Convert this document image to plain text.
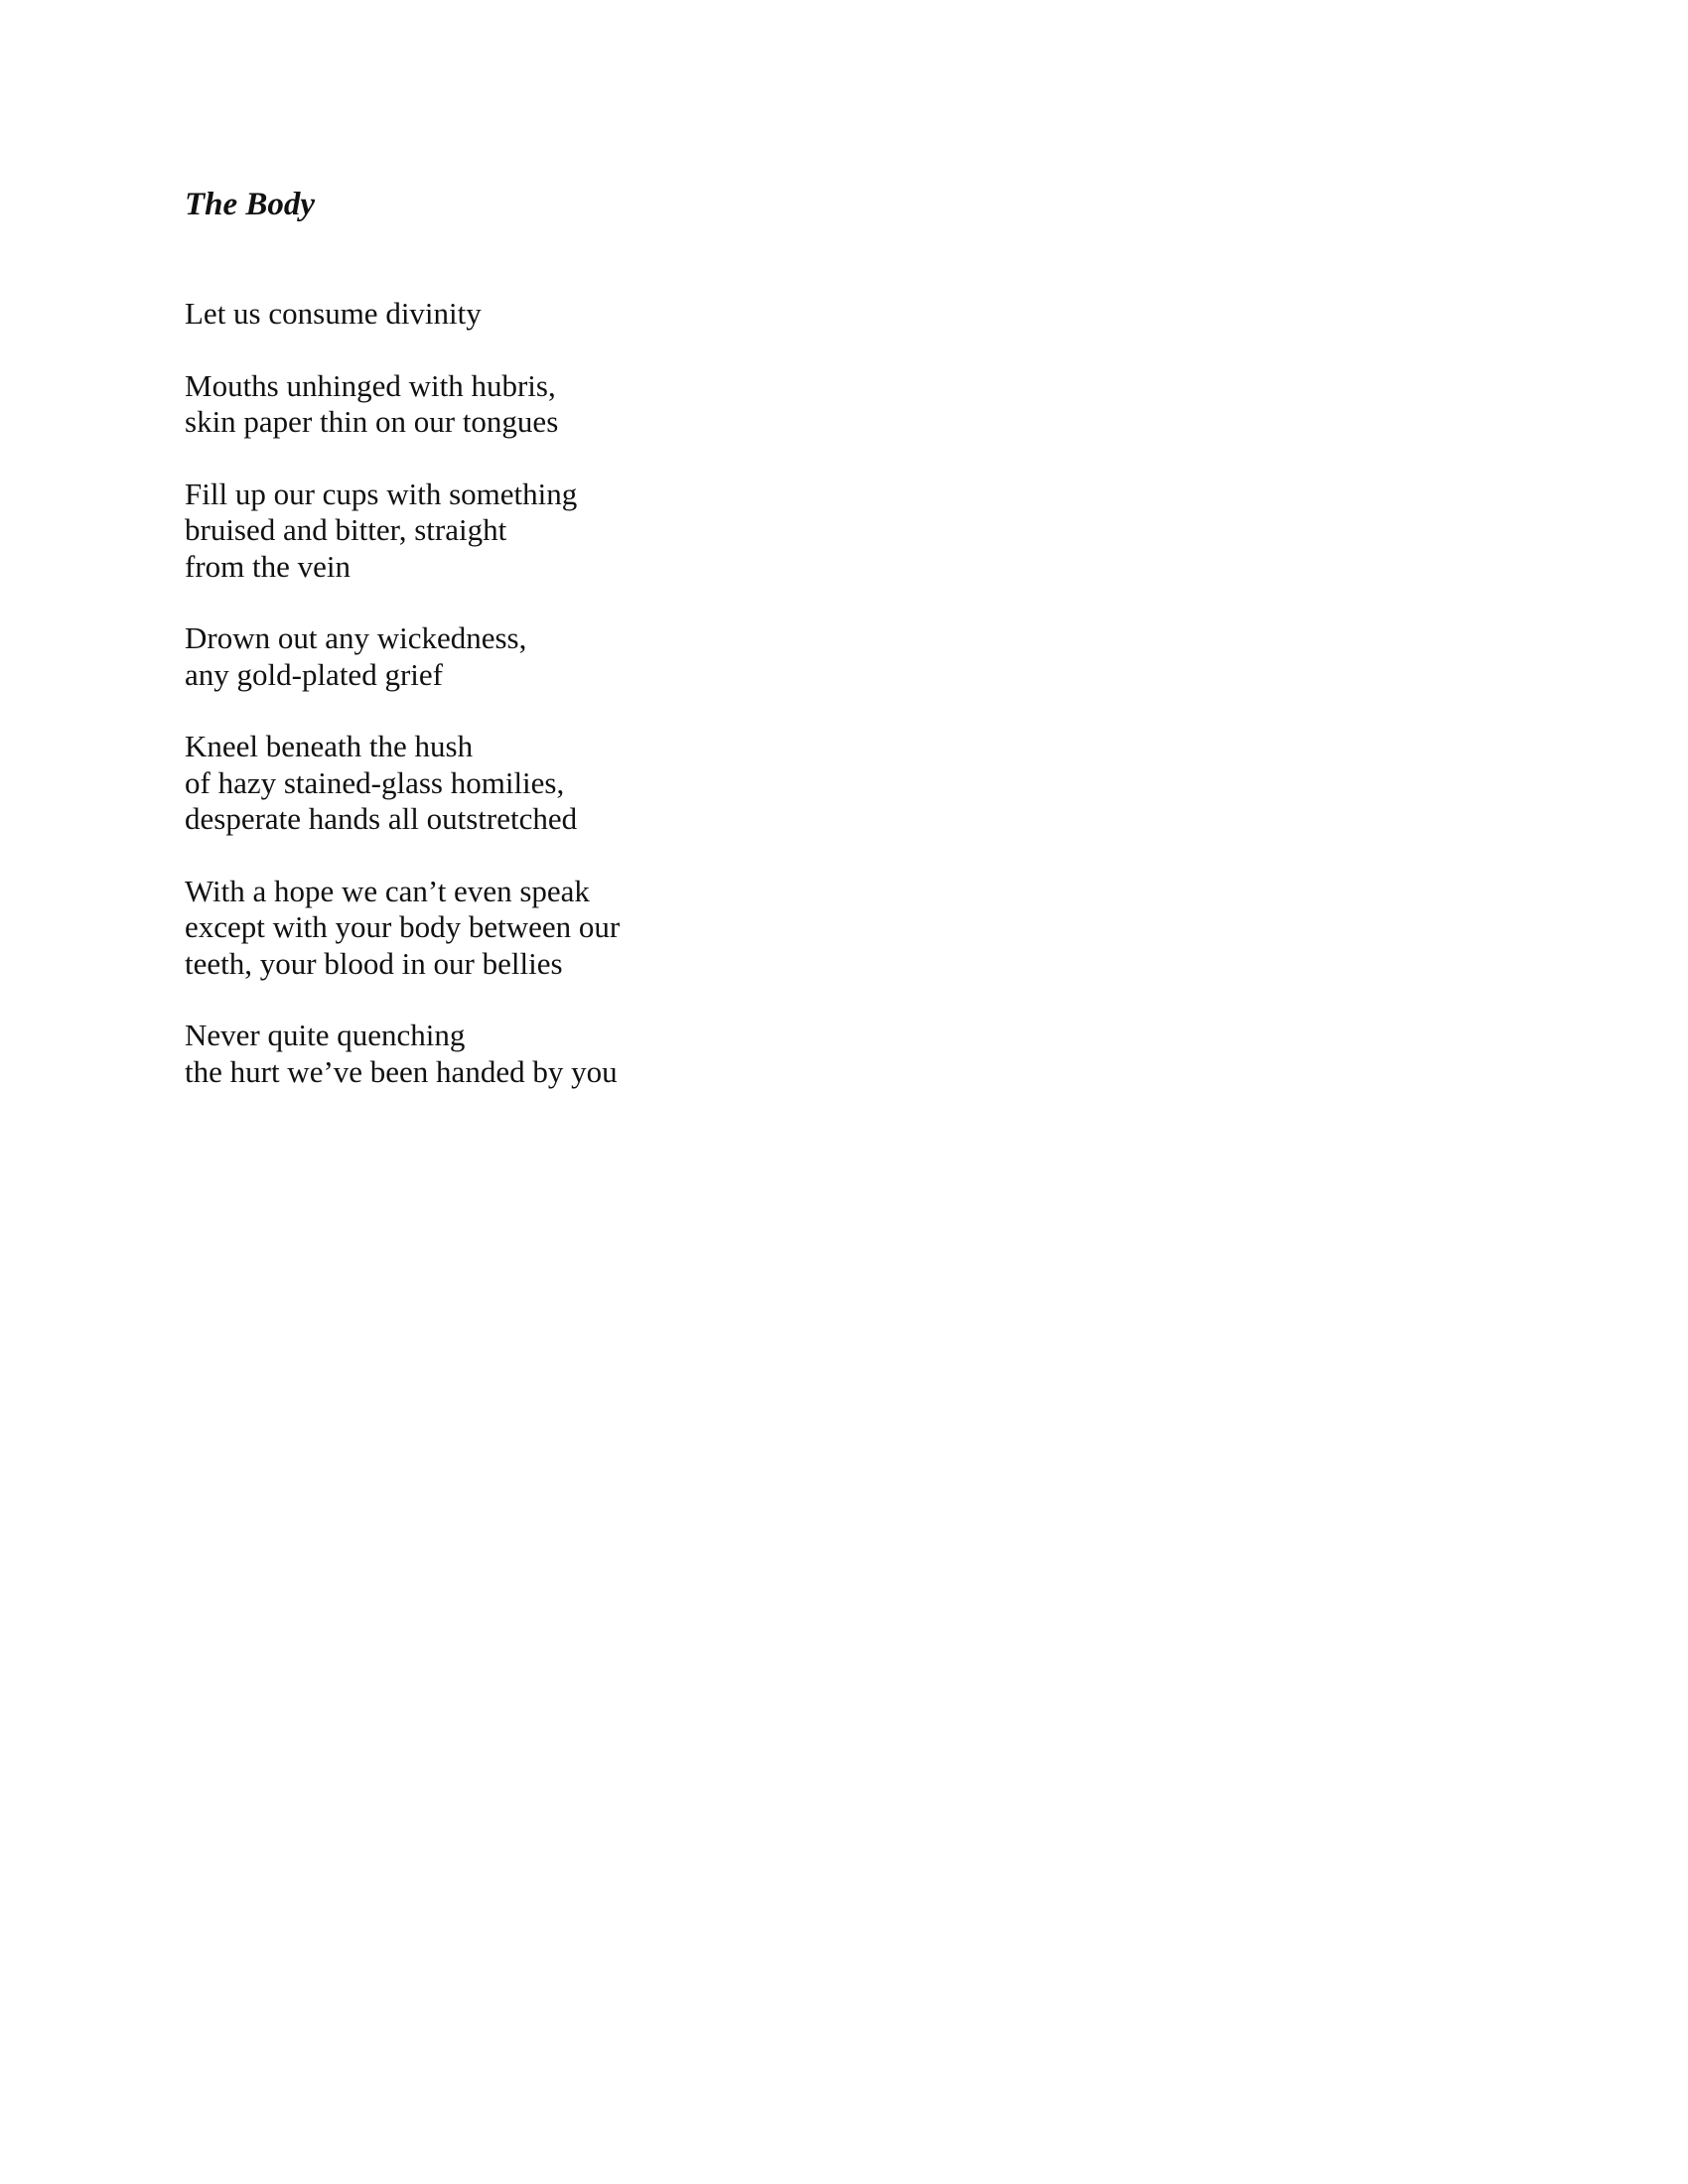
The Body
Let us consume divinity
Mouths unhinged with hubris,
skin paper thin on our tongues
Fill up our cups with something
bruised and bitter, straight
from the vein
Drown out any wickedness,
any gold-plated grief
Kneel beneath the hush
of hazy stained-glass homilies,
desperate hands all outstretched
With a hope we can’t even speak
except with your body between our
teeth, your blood in our bellies
Never quite quenching
the hurt we’ve been handed by you
